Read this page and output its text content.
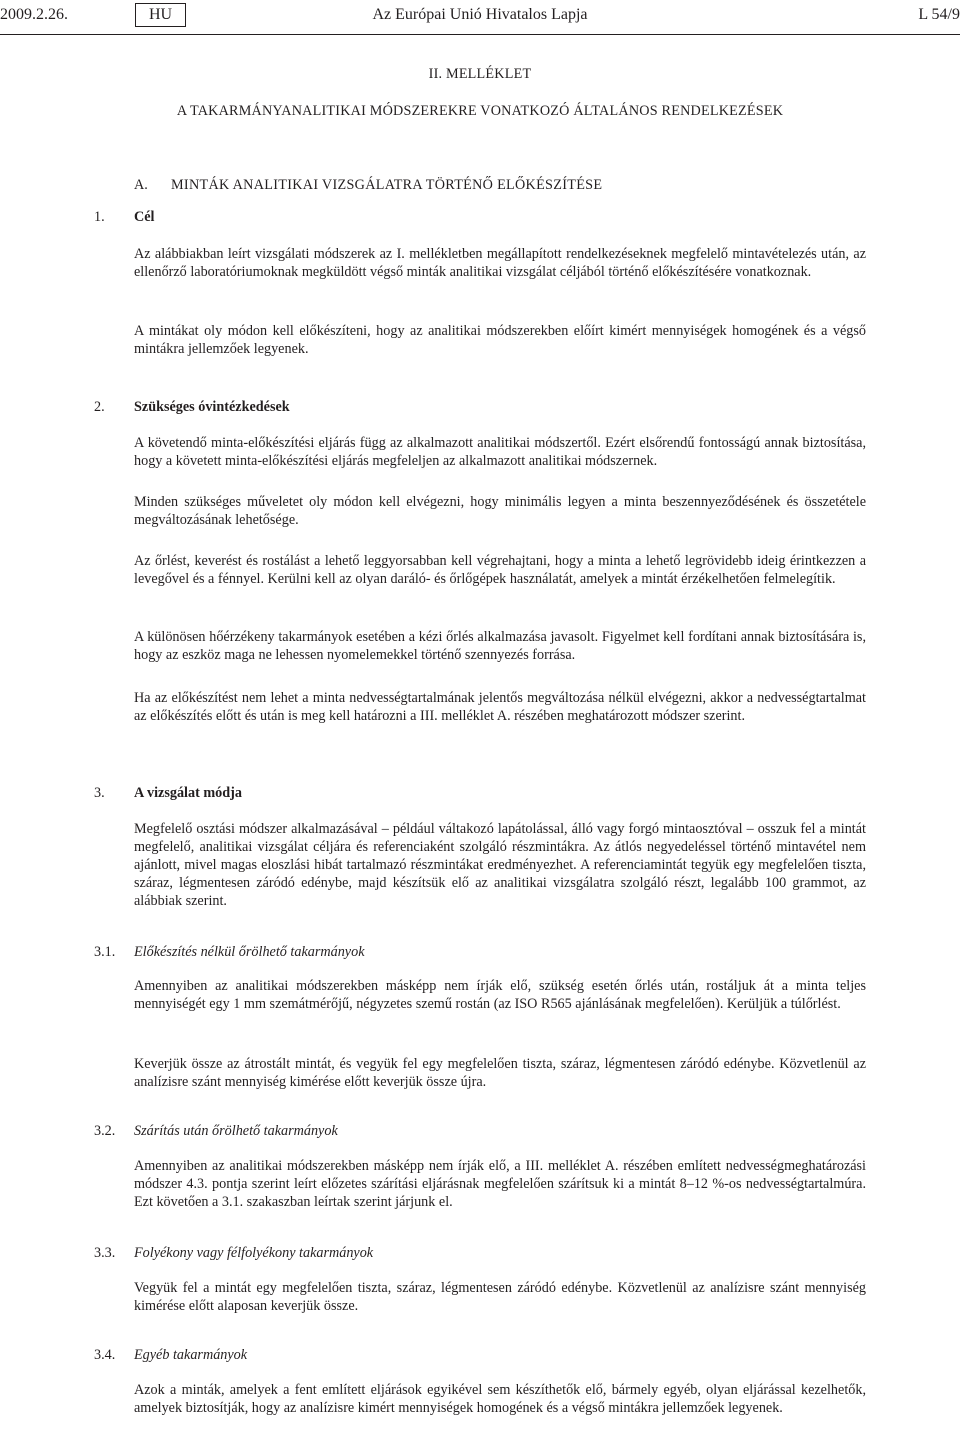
2009.2.26.	HU	Az Európai Unió Hivatalos Lapja	L 54/9
II. MELLÉKLET
A TAKARMÁNYANALITIKAI MÓDSZEREKRE VONATKOZÓ ÁLTALÁNOS RENDELKEZÉSEK
A. MINTÁK ANALITIKAI VIZSGÁLATRA TÖRTÉNŐ ELŐKÉSZÍTÉSE
1. Cél

Az alábbiakban leírt vizsgálati módszerek az I. mellékletben megállapított rendelkezéseknek megfelelő mintavételezés után, az ellenőrző laboratóriumoknak megküldött végső minták analitikai vizsgálat céljából történő előkészítésére vonatkoznak.

A mintákat oly módon kell előkészíteni, hogy az analitikai módszerekben előírt kimért mennyiségek homogének és a végső mintákra jellemzőek legyenek.

2. Szükséges óvintézkedések

A követendő minta-előkészítési eljárás függ az alkalmazott analitikai módszertől. Ezért elsőrendű fontosságú annak biztosítása, hogy a követett minta-előkészítési eljárás megfeleljen az alkalmazott analitikai módszernek.

Minden szükséges műveletet oly módon kell elvégezni, hogy minimális legyen a minta beszennyeződésének és összetétele megváltozásának lehetősége.

Az őrlést, keverést és rostálást a lehető leggyorsabban kell végrehajtani, hogy a minta a lehető legrövidebb ideig érintkezzen a levegővel és a fénnyel. Kerülni kell az olyan daráló- és őrlőgépek használatát, amelyek a mintát érzékelhetően felmelegítik.

A különösen hőérzékeny takarmányok esetében a kézi őrlés alkalmazása javasolt. Figyelmet kell fordítani annak biztosítására is, hogy az eszköz maga ne lehessen nyomelemekkel történő szennyezés forrása.

Ha az előkészítést nem lehet a minta nedvességtartalmának jelentős megváltozása nélkül elvégezni, akkor a nedvességtartalmat az előkészítés előtt és után is meg kell határozni a III. melléklet A. részében meghatározott módszer szerint.

3. A vizsgálat módja

Megfelelő osztási módszer alkalmazásával – például váltakozó lapátolással, álló vagy forgó mintaosztóval – osszuk fel a mintát megfelelő, analitikai vizsgálat céljára és referenciaként szolgáló részmintákra. Az átlós negyedeléssel történő mintavétel nem ajánlott, mivel magas eloszlási hibát tartalmazó részmintákat eredményezhet. A referenciamintát tegyük egy megfelelően tiszta, száraz, légmentesen záródó edénybe, majd készítsük elő az analitikai vizsgálatra szolgáló részt, legalább 100 grammot, az alábbiak szerint.

3.1. Előkészítés nélkül őrölhető takarmányok

Amennyiben az analitikai módszerekben másképp nem írják elő, szükség esetén őrlés után, rostáljuk át a minta teljes mennyiségét egy 1 mm szemátmérőjű, négyzetes szemű rostán (az ISO R565 ajánlásának megfelelően). Kerüljük a túlőrlést.

Keverjük össze az átrostált mintát, és vegyük fel egy megfelelően tiszta, száraz, légmentesen záródó edénybe. Közvetlenül az analízisre szánt mennyiség kimérése előtt keverjük össze újra.

3.2. Szárítás után őrölhető takarmányok

Amennyiben az analitikai módszerekben másképp nem írják elő, a III. melléklet A. részében említett nedvességmeghatározási módszer 4.3. pontja szerint leírt előzetes szárítási eljárásnak megfelelően szárítsuk ki a mintát 8–12 %-os nedvességtartalmúra. Ezt követően a 3.1. szakaszban leírtak szerint járjunk el.

3.3. Folyékony vagy félfolyékony takarmányok

Vegyük fel a mintát egy megfelelően tiszta, száraz, légmentesen záródó edénybe. Közvetlenül az analízisre szánt mennyiség kimérése előtt alaposan keverjük össze.

3.4. Egyéb takarmányok

Azok a minták, amelyek a fent említett eljárások egyikével sem készíthetők elő, bármely egyéb, olyan eljárással kezelhetők, amelyek biztosítják, hogy az analízisre kimért mennyiségek homogének és a végső mintákra jellemzőek legyenek.
